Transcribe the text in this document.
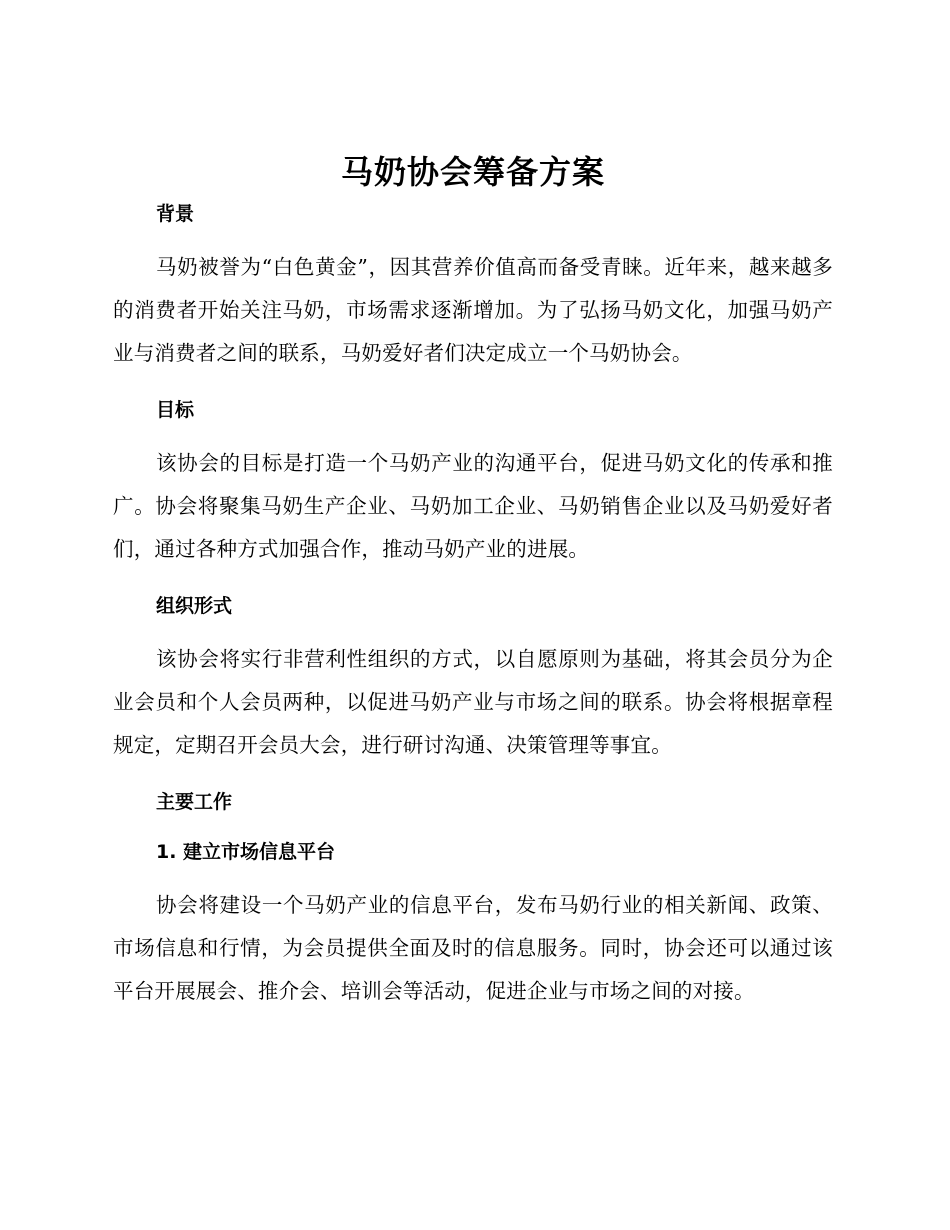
马奶协会筹备方案
背景

马奶被誉为“白色黄金”，因其营养价值高而备受青睐。近年来，越来越多的消费者开始关注马奶，市场需求逐渐增加。为了弘扬马奶文化，加强马奶产业与消费者之间的联系，马奶爱好者们决定成立一个马奶协会。

目标

该协会的目标是打造一个马奶产业的沟通平台，促进马奶文化的传承和推广。协会将聚集马奶生产企业、马奶加工企业、马奶销售企业以及马奶爱好者们，通过各种方式加强合作，推动马奶产业的进展。

组织形式

该协会将实行非营利性组织的方式，以自愿原则为基础，将其会员分为企业会员和个人会员两种，以促进马奶产业与市场之间的联系。协会将根据章程规定，定期召开会员大会，进行研讨沟通、决策管理等事宜。

主要工作
1. 建立市场信息平台

协会将建设一个马奶产业的信息平台，发布马奶行业的相关新闻、政策、市场信息和行情，为会员提供全面及时的信息服务。同时，协会还可以通过该平台开展展会、推介会、培训会等活动，促进企业与市场之间的对接。
